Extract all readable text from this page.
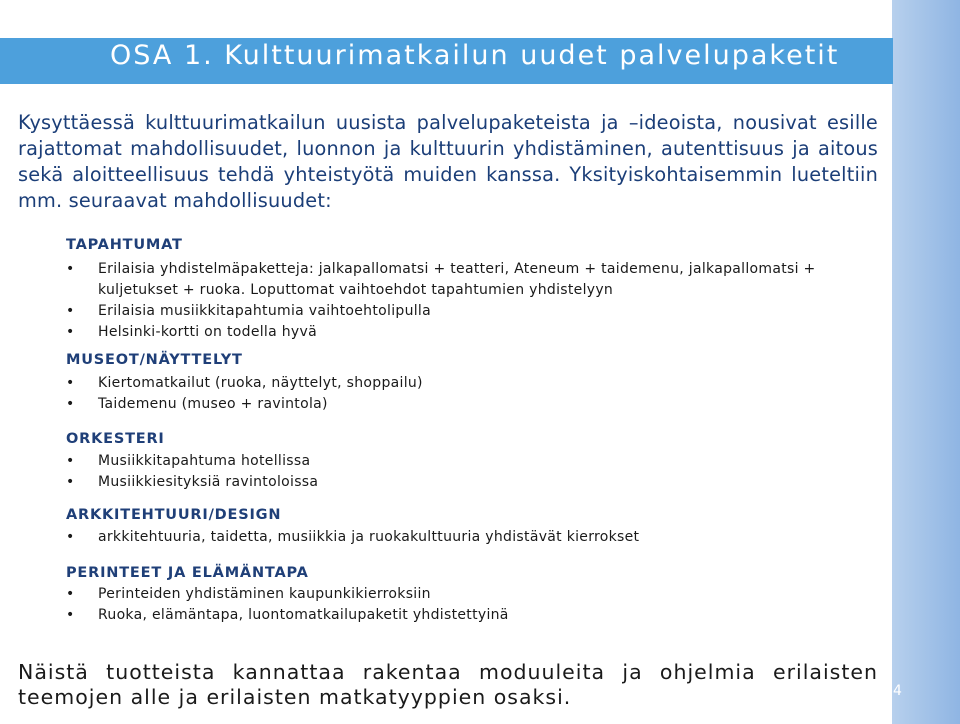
OSA 1. Kulttuurimatkailun uudet palvelupaketit

Kysyttäessä kulttuurimatkailun uusista palvelupaketeista ja –ideoista, nousivat esille rajattomat mahdollisuudet, luonnon ja kulttuurin yhdistäminen, autenttisuus ja aitous sekä aloitteellisuus tehdä yhteistyötä muiden kanssa. Yksityiskohtaisemmin lueteltiin mm. seuraavat mahdollisuudet:

TAPAHTUMAT

• Erilaisia yhdistelmäpaketteja: jalkapallomatsi + teatteri, Ateneum + taidemenu, jalkapallomatsi + kuljetukset + ruoka. Loputtomat vaihtoehdot tapahtumien yhdistelyyn
• Erilaisia musiikkitapahtumia vaihtoehtolipulla
• Helsinki-kortti on todella hyvä

MUSEOT/NÄYTTELYT

• Kiertomatkailut (ruoka, näyttelyt, shoppailu)
• Taidemenu (museo + ravintola)

ORKESTERI

• Musiikkitapahtuma hotellissa
• Musiikkiesityksiä ravintoloissa

ARKKITEHTUURI/DESIGN

• arkkitehtuuria, taidetta, musiikkia ja ruokakulttuuria yhdistävät kierrokset

PERINTEET JA ELÄMÄNTAPA

• Perinteiden yhdistäminen kaupunkikierroksiin
• Ruoka, elämäntapa, luontomatkailupaketit yhdistettyinä
Näistä tuotteista kannattaa rakentaa moduuleita ja ohjelmia erilaisten teemojen alle ja erilaisten matkatyyppien osaksi.	4
